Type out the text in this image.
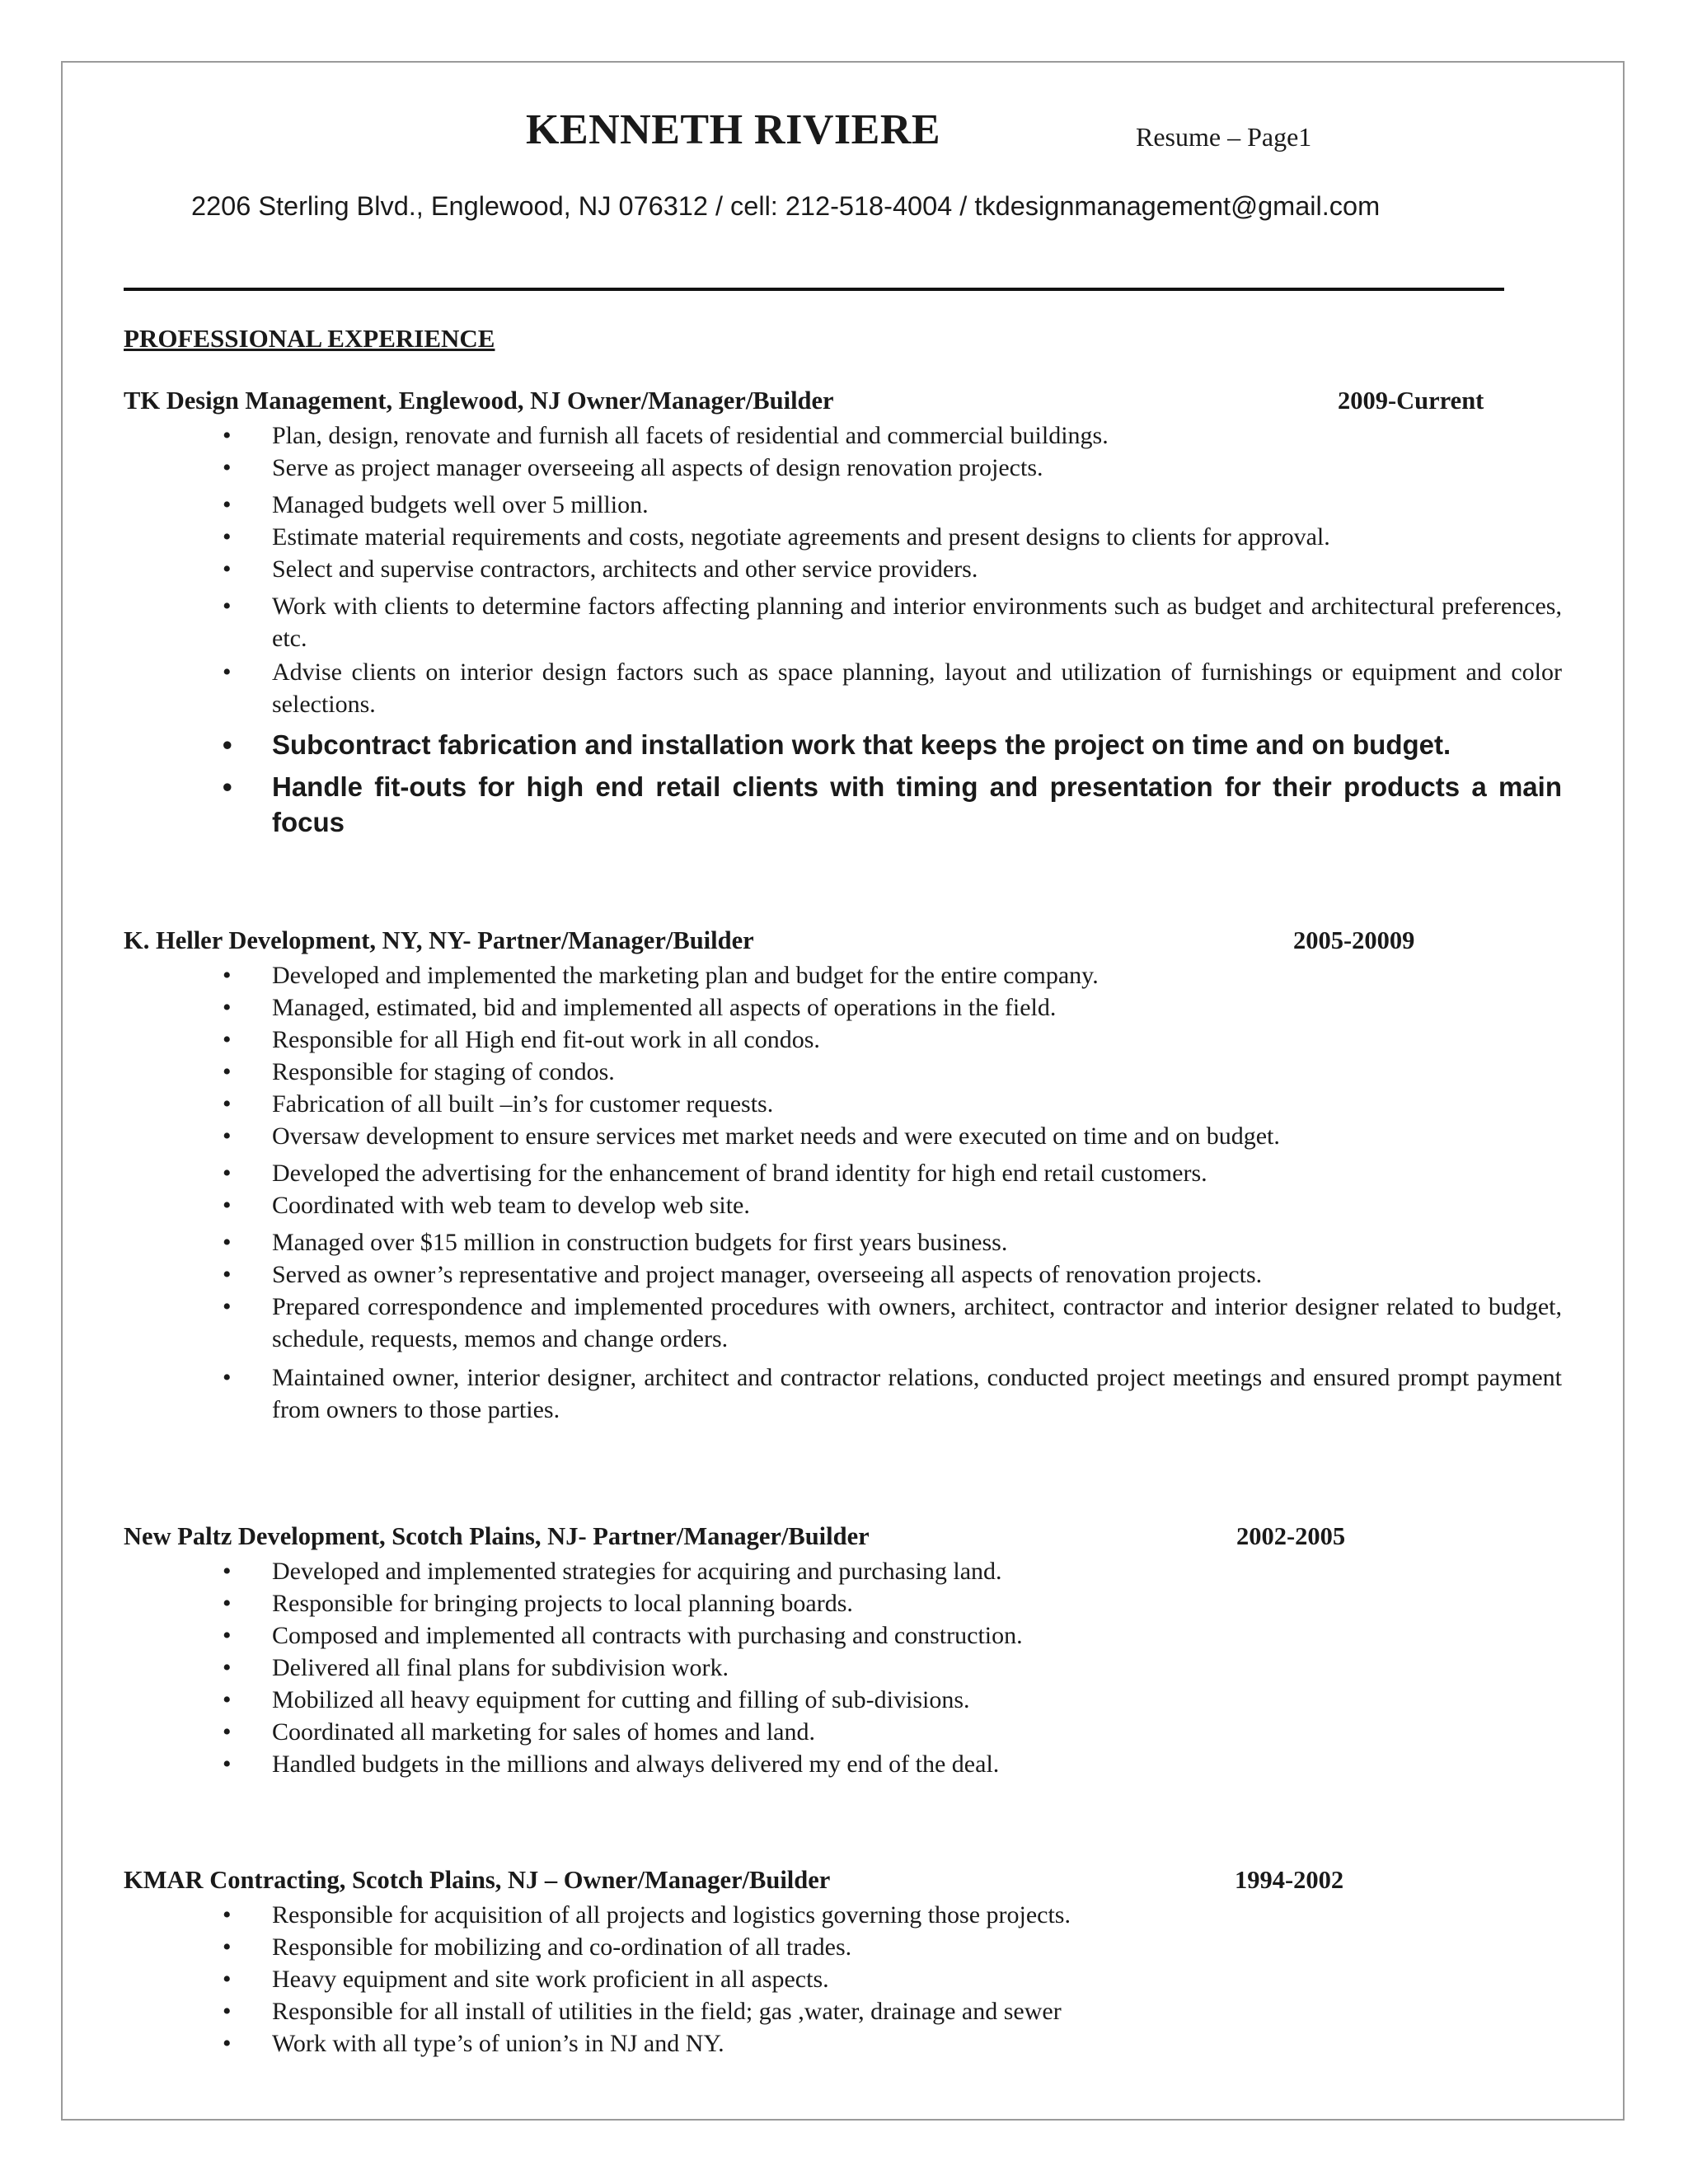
KENNETH RIVIERE	Resume – Page1
2206 Sterling Blvd., Englewood, NJ 076312 / cell: 212-518-4004 / tkdesignmanagement@gmail.com
PROFESSIONAL EXPERIENCE
TK Design Management, Englewood, NJ Owner/Manager/Builder	2009-Current
• Plan, design, renovate and furnish all facets of residential and commercial buildings.
• Serve as project manager overseeing all aspects of design renovation projects.
• Managed budgets well over 5 million.
• Estimate material requirements and costs, negotiate agreements and present designs to clients for approval.
• Select and supervise contractors, architects and other service providers.
• Work with clients to determine factors affecting planning and interior environments such as budget and architectural preferences, etc.
• Advise clients on interior design factors such as space planning, layout and utilization of furnishings or equipment and color selections.
• Subcontract fabrication and installation work that keeps the project on time and on budget.
• Handle fit-outs for high end retail clients with timing and presentation for their products a main focus
K. Heller Development, NY, NY- Partner/Manager/Builder	2005-20009
• Developed and implemented the marketing plan and budget for the entire company.
• Managed, estimated, bid and implemented all aspects of operations in the field.
• Responsible for all High end fit-out work in all condos.
• Responsible for staging of condos.
• Fabrication of all built –in’s for customer requests.
• Oversaw development to ensure services met market needs and were executed on time and on budget.
• Developed the advertising for the enhancement of brand identity for high end retail customers.
• Coordinated with web team to develop web site.
• Managed over $15 million in construction budgets for first years business.
• Served as owner’s representative and project manager, overseeing all aspects of renovation projects.
• Prepared correspondence and implemented procedures with owners, architect, contractor and interior designer related to budget, schedule, requests, memos and change orders.
• Maintained owner, interior designer, architect and contractor relations, conducted project meetings and ensured prompt payment from owners to those parties.
New Paltz Development, Scotch Plains, NJ- Partner/Manager/Builder	2002-2005
• Developed and implemented strategies for acquiring and purchasing land.
• Responsible for bringing projects to local planning boards.
• Composed and implemented all contracts with purchasing and construction.
• Delivered all final plans for subdivision work.
• Mobilized all heavy equipment for cutting and filling of sub-divisions.
• Coordinated all marketing for sales of homes and land.
• Handled budgets in the millions and always delivered my end of the deal.
KMAR Contracting, Scotch Plains, NJ – Owner/Manager/Builder	1994-2002
• Responsible for acquisition of all projects and logistics governing those projects.
• Responsible for mobilizing and co-ordination of all trades.
• Heavy equipment and site work proficient in all aspects.
• Responsible for all install of utilities in the field; gas ,water, drainage and sewer
• Work with all type’s of union’s in NJ and NY.
